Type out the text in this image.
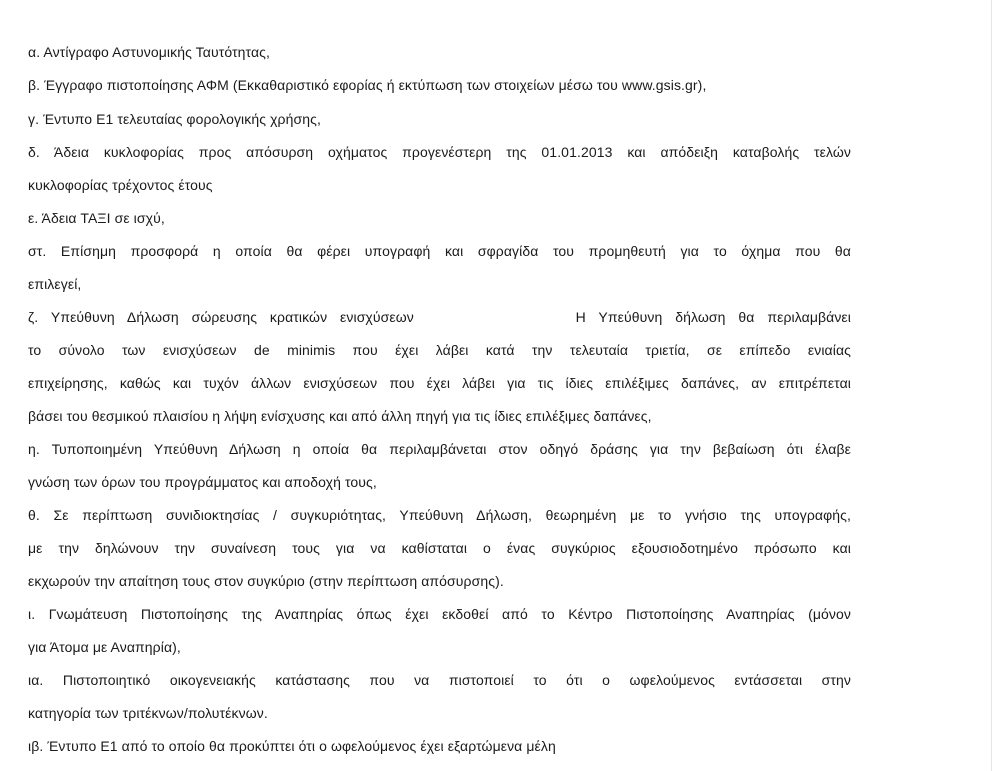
α. Αντίγραφο Αστυνομικής Ταυτότητας,
β. Έγγραφο πιστοποίησης ΑΦΜ (Εκκαθαριστικό εφορίας ή εκτύπωση των στοιχείων μέσω του www.gsis.gr),
γ. Έντυπο Ε1 τελευταίας φορολογικής χρήσης,
δ. Άδεια κυκλοφορίας προς απόσυρση οχήματος προγενέστερη της 01.01.2013 και απόδειξη καταβολής τελών
κυκλοφορίας τρέχοντος έτους
ε. Άδεια ΤΑΞΙ σε ισχύ,
στ. Επίσημη προσφορά η οποία θα φέρει υπογραφή και σφραγίδα του προμηθευτή για το όχημα που θα
επιλεγεί,
ζ. Υπεύθυνη Δήλωση σώρευσης κρατικών ενισχύσεων	Η Υπεύθυνη δήλωση θα περιλαμβάνει
το σύνολο των ενισχύσεων de minimis που έχει λάβει κατά την τελευταία τριετία, σε επίπεδο ενιαίας
επιχείρησης, καθώς και τυχόν άλλων ενισχύσεων που έχει λάβει για τις ίδιες επιλέξιμες δαπάνες, αν επιτρέπεται
βάσει του θεσμικού πλαισίου η λήψη ενίσχυσης και από άλλη πηγή για τις ίδιες επιλέξιμες δαπάνες,
η. Τυποποιημένη Υπεύθυνη Δήλωση η οποία θα περιλαμβάνεται στον οδηγό δράσης για την βεβαίωση ότι έλαβε
γνώση των όρων του προγράμματος και αποδοχή τους,
θ. Σε περίπτωση συνιδιοκτησίας / συγκυριότητας, Υπεύθυνη Δήλωση, θεωρημένη με το γνήσιο της υπογραφής,
με την δηλώνουν την συναίνεση τους για να καθίσταται ο ένας συγκύριος εξουσιοδοτημένο πρόσωπο και
εκχωρούν την απαίτηση τους στον συγκύριο (στην περίπτωση απόσυρσης).
ι. Γνωμάτευση Πιστοποίησης της Αναπηρίας όπως έχει εκδοθεί από το Κέντρο Πιστοποίησης Αναπηρίας (μόνον
για Άτομα με Αναπηρία),
ια. Πιστοποιητικό οικογενειακής κατάστασης που να πιστοποιεί το ότι ο ωφελούμενος εντάσσεται στην
κατηγορία των τριτέκνων/πολυτέκνων.
ιβ. Έντυπο Ε1 από το οποίο θα προκύπτει ότι ο ωφελούμενος έχει εξαρτώμενα μέλη
